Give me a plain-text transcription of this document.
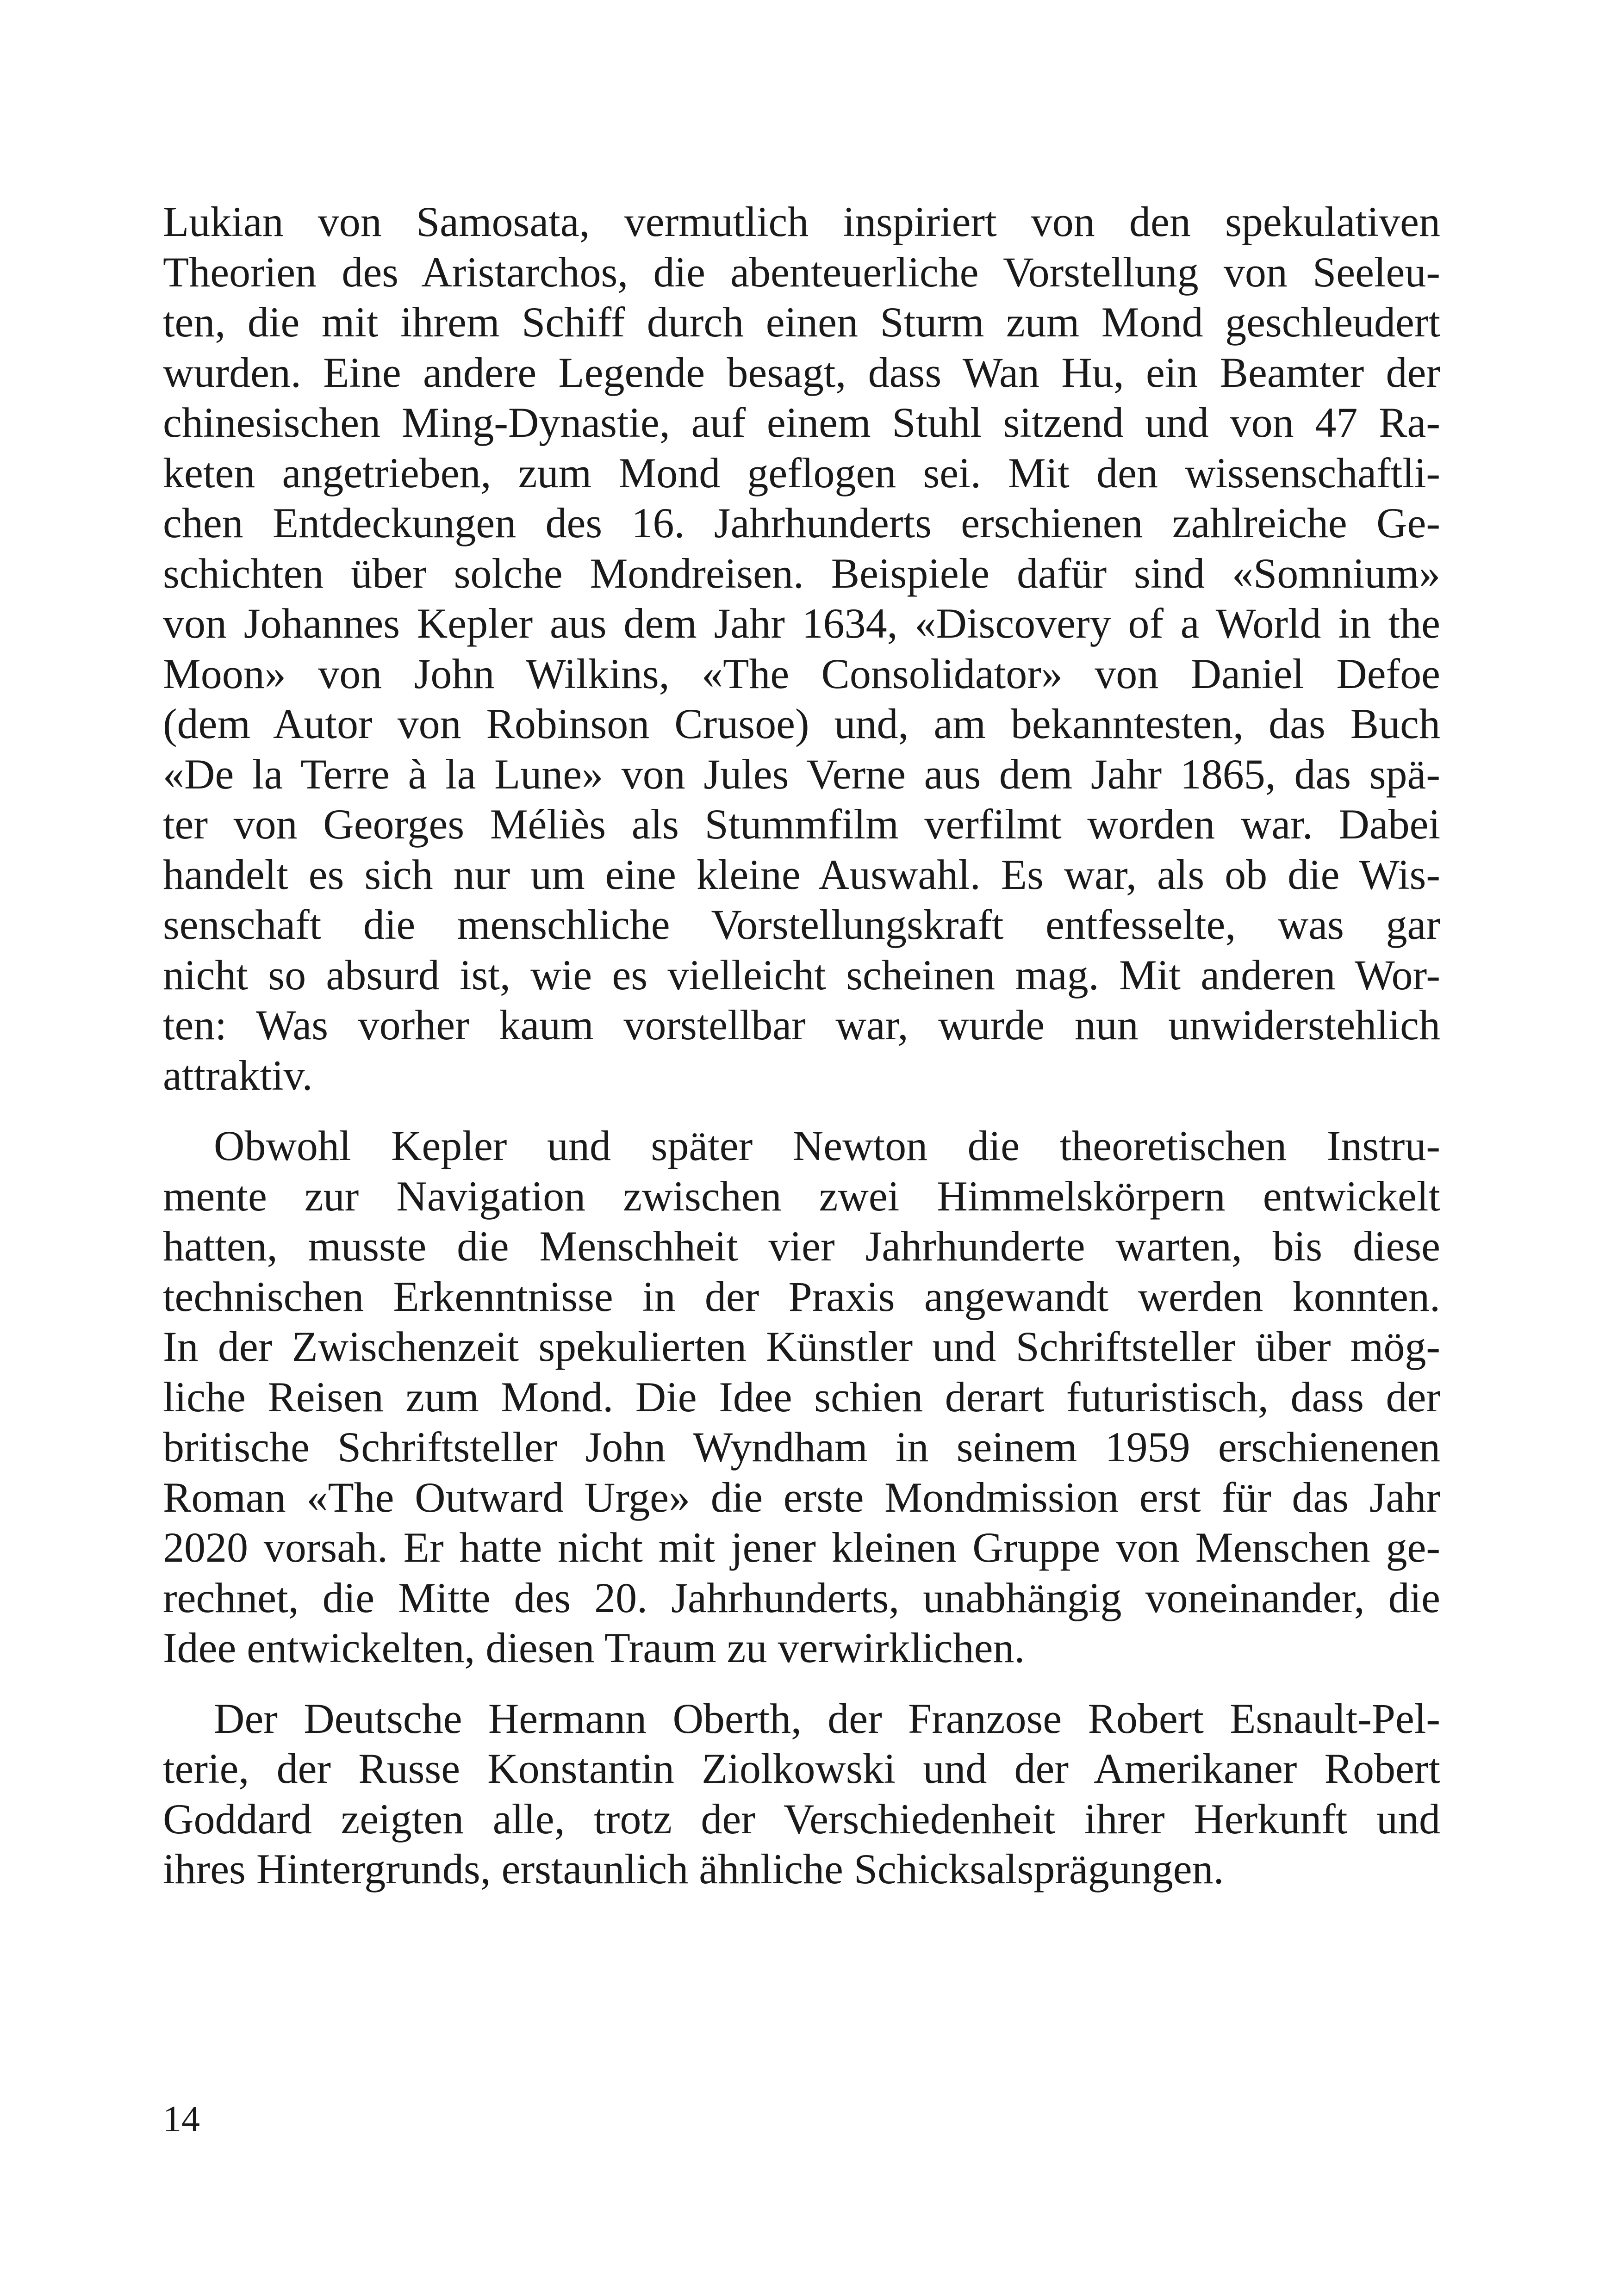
Lukian von Samosata, vermutlich inspiriert von den spekulativen
Theorien des Aristarchos, die abenteuerliche Vorstellung von Seeleu-
ten, die mit ihrem Schiff durch einen Sturm zum Mond geschleudert
wurden. Eine andere Legende besagt, dass Wan Hu, ein Beamter der
chinesischen Ming-Dynastie, auf einem Stuhl sitzend und von 47 Ra-
keten angetrieben, zum Mond geflogen sei. Mit den wissenschaftli-
chen Entdeckungen des 16. Jahrhunderts erschienen zahlreiche Ge-
schichten über solche Mondreisen. Beispiele dafür sind «Somnium»
von Johannes Kepler aus dem Jahr 1634, «Discovery of a World in the
Moon» von John Wilkins, «The Consolidator» von Daniel Defoe
(dem Autor von Robinson Crusoe) und, am bekanntesten, das Buch
«De la Terre à la Lune» von Jules Verne aus dem Jahr 1865, das spä-
ter von Georges Méliès als Stummfilm verfilmt worden war. Dabei
handelt es sich nur um eine kleine Auswahl. Es war, als ob die Wis-
senschaft die menschliche Vorstellungskraft entfesselte, was gar
nicht so absurd ist, wie es vielleicht scheinen mag. Mit anderen Wor-
ten: Was vorher kaum vorstellbar war, wurde nun unwiderstehlich
attraktiv.
Obwohl Kepler und später Newton die theoretischen Instru-
mente zur Navigation zwischen zwei Himmelskörpern entwickelt
hatten, musste die Menschheit vier Jahrhunderte warten, bis diese
technischen Erkenntnisse in der Praxis angewandt werden konnten.
In der Zwischenzeit spekulierten Künstler und Schriftsteller über mög-
liche Reisen zum Mond. Die Idee schien derart futuristisch, dass der
britische Schriftsteller John Wyndham in seinem 1959 erschienenen
Roman «The Outward Urge» die erste Mondmission erst für das Jahr
2020 vorsah. Er hatte nicht mit jener kleinen Gruppe von Menschen ge-
rechnet, die Mitte des 20. Jahrhunderts, unabhängig voneinander, die
Idee entwickelten, diesen Traum zu verwirklichen.
Der Deutsche Hermann Oberth, der Franzose Robert Esnault-Pel-
terie, der Russe Konstantin Ziolkowski und der Amerikaner Robert
Goddard zeigten alle, trotz der Verschiedenheit ihrer Herkunft und
ihres Hintergrunds, erstaunlich ähnliche Schicksalsprägungen.
14
